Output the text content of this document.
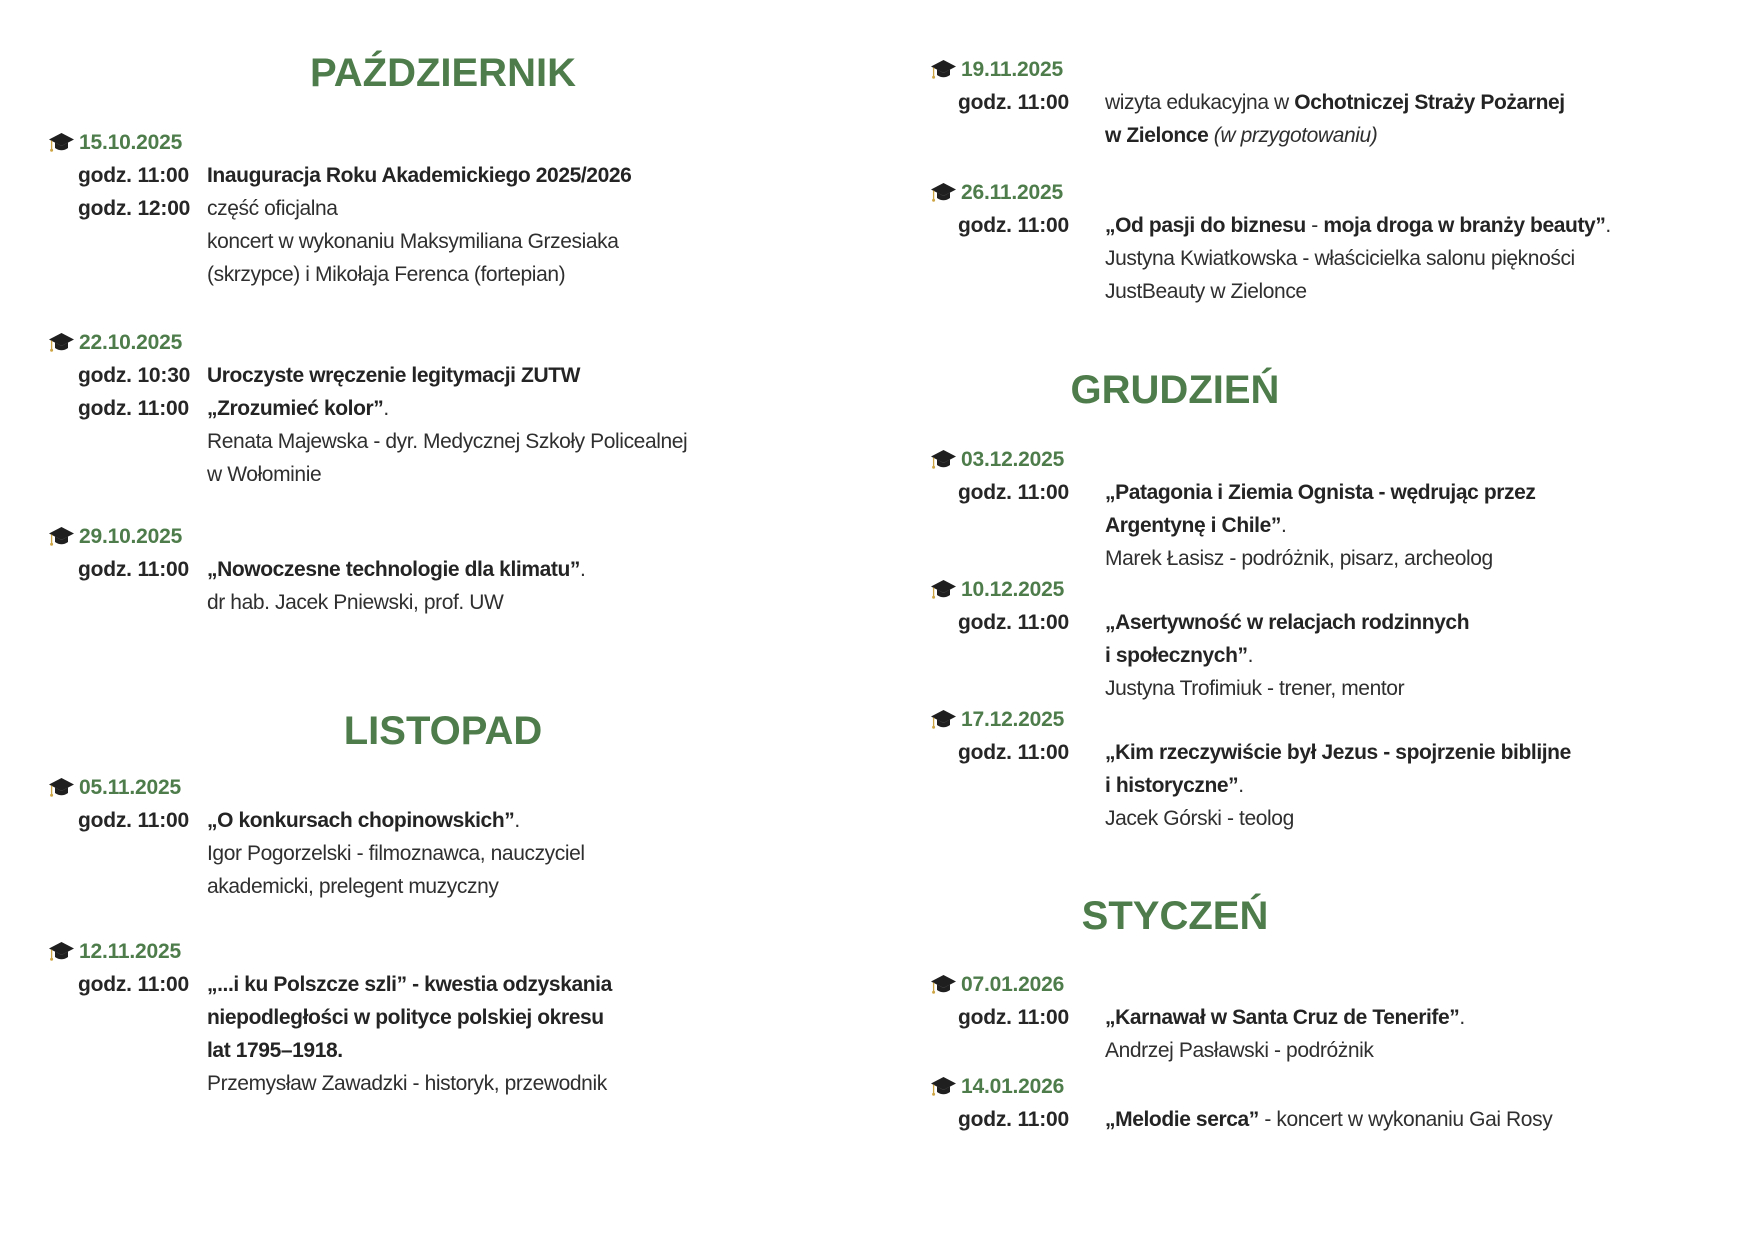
PAŹDZIERNIK
15.10.2025
godz. 11:00 Inauguracja Roku Akademickiego 2025/2026
godz. 12:00 część oficjalna
koncert w wykonaniu Maksymiliana Grzesiaka
(skrzypce) i Mikołaja Ferenca (fortepian)
22.10.2025
godz. 10:30 Uroczyste wręczenie legitymacji ZUTW
godz. 11:00 „Zrozumieć kolor”.
Renata Majewska - dyr. Medycznej Szkoły Policealnej
w Wołominie
29.10.2025
godz. 11:00 „Nowoczesne technologie dla klimatu”.
dr hab. Jacek Pniewski, prof. UW
LISTOPAD
05.11.2025
godz. 11:00 „O konkursach chopinowskich”.
Igor Pogorzelski - filmoznawca, nauczyciel
akademicki, prelegent muzyczny
12.11.2025
godz. 11:00 „...i ku Polszcze szli” - kwestia odzyskania
niepodległości w polityce polskiej okresu
lat 1795–1918.
Przemysław Zawadzki - historyk, przewodnik
19.11.2025
godz. 11:00	wizyta edukacyjna w Ochotniczej Straży Pożarnej
w Zielonce (w przygotowaniu)
26.11.2025
godz. 11:00	„Od pasji do biznesu - moja droga w branży beauty”.
Justyna Kwiatkowska - właścicielka salonu piękności
JustBeauty w Zielonce
GRUDZIEŃ
03.12.2025
godz. 11:00	„Patagonia i Ziemia Ognista - wędrując przez
Argentynę i Chile”.
Marek Łasisz - podróżnik, pisarz, archeolog
10.12.2025
godz. 11:00	„Asertywność w relacjach rodzinnych
i społecznych”.
Justyna Trofimiuk - trener, mentor
17.12.2025
godz. 11:00	„Kim rzeczywiście był Jezus - spojrzenie biblijne
i historyczne”.
Jacek Górski - teolog
STYCZEŃ
07.01.2026
godz. 11:00	„Karnawał w Santa Cruz de Tenerife”.
Andrzej Pasławski - podróżnik
14.01.2026
godz. 11:00	„Melodie serca” - koncert w wykonaniu Gai Rosy
